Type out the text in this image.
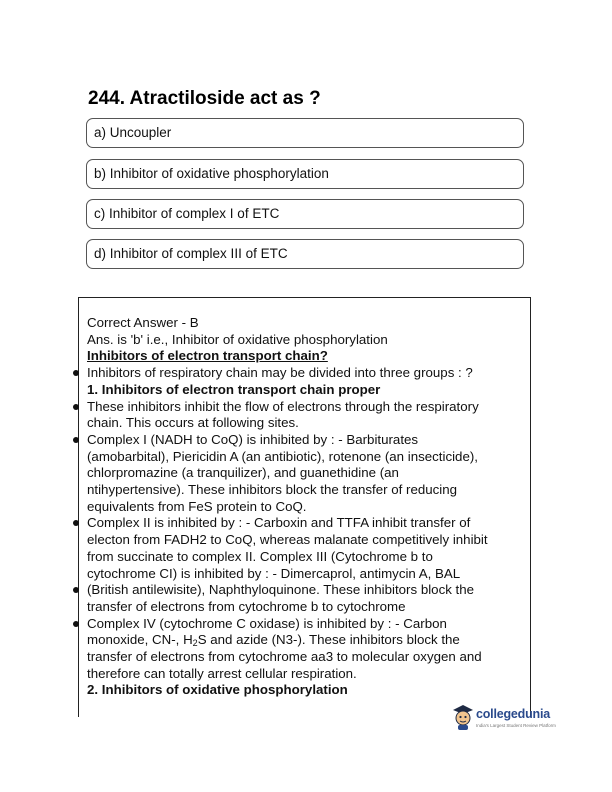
244. Atractiloside act as ?
a) Uncoupler
b) Inhibitor of oxidative phosphorylation
c) Inhibitor of complex I of ETC
d) Inhibitor of complex III of ETC
Correct Answer - B
Ans. is 'b' i.e., Inhibitor of oxidative phosphorylation
Inhibitors of electron transport chain?
Inhibitors of respiratory chain may be divided into three groups : ?
1. Inhibitors of electron transport chain proper
These inhibitors inhibit the flow of electrons through the respiratory
chain. This occurs at following sites.
Complex I (NADH to CoQ) is inhibited by : - Barbiturates
(amobarbital), Piericidin A (an antibiotic), rotenone (an insecticide),
chlorpromazine (a tranquilizer), and guanethidine (an
ntihypertensive). These inhibitors block the transfer of reducing
equivalents from FeS protein to CoQ.
Complex II is inhibited by : - Carboxin and TTFA inhibit transfer of
electon from FADH2 to CoQ, whereas malanate competitively inhibit
from succinate to complex II. Complex III (Cytochrome b to
cytochrome CI) is inhibited by : - Dimercaprol, antimycin A, BAL
(British antilewisite), Naphthyloquinone. These inhibitors block the
transfer of electrons from cytochrome b to cytochrome
Complex IV (cytochrome C oxidase) is inhibited by : - Carbon
monoxide, CN-, $H_2S$ and azide (N3-). These inhibitors block the
transfer of electrons from cytochrome aa3 to molecular oxygen and
therefore can totally arrest cellular respiration.
2. Inhibitors of oxidative phosphorylation
collegedunia
India's Largest Student Review Platform
